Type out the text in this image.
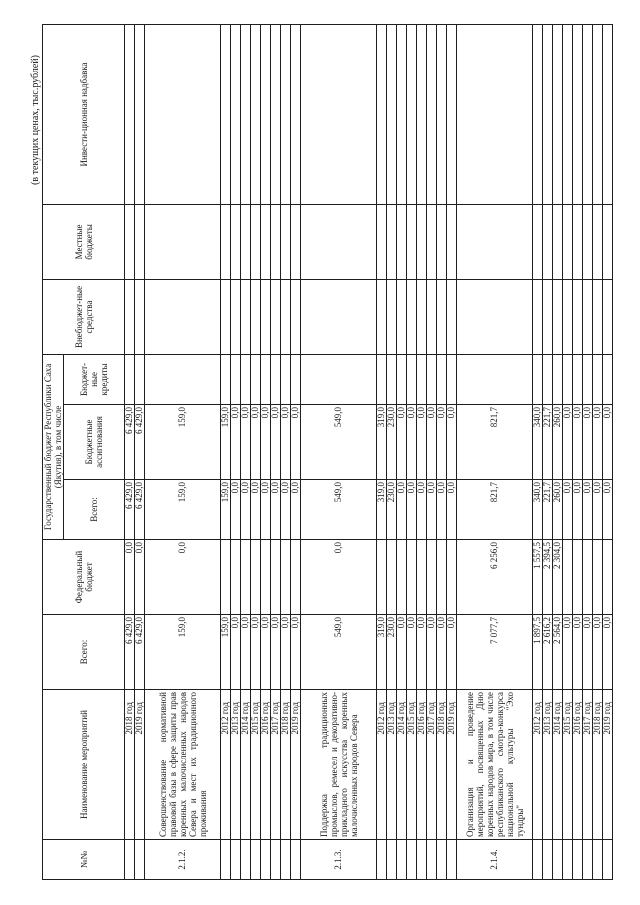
(в текущих ценах, тыс.рублей)
№№	Наименование мероприятий	Всего:	Федеральный бюджет	Государственный бюджет Республики Саха (Якутия), в том числе			Внебюджет-ные средства	Местные бюджеты	Инвести-ционная надбавка
				Всего:	Бюджетные ассигнования	Бюджет-ные кредиты			
	2018 год	6 429,0	0,0	6 429,0	6 429,0				
	2019 год	6 429,0	0,0	6 429,0	6 429,0				
2.1.2.	Совершенствование нормативной правовой базы в сфере защиты прав коренных малочисленных народов Севера и мест их традиционного проживания	159,0	0,0	159,0	159,0				
	2012 год	159,0		159,0	159,0				
	2013 год	0,0		0,0	0,0				
	2014 год	0,0		0,0	0,0				
	2015 год	0,0		0,0	0,0				
	2016 год	0,0		0,0	0,0				
	2017 год	0,0		0,0	0,0				
	2018 год	0,0		0,0	0,0				
	2019 год	0,0		0,0	0,0				
2.1.3.	Поддержка традиционных промыслов, ремесел и декоративно-прикладного искусства коренных малочисленных народов Севера	549,0	0,0	549,0	549,0				
	2012 год	319,0		319,0	319,0				
	2013 год	230,0		230,0	230,0				
	2014 год	0,0		0,0	0,0				
	2015 год	0,0		0,0	0,0				
	2016 год	0,0		0,0	0,0				
	2017 год	0,0		0,0	0,0				
	2018 год	0,0		0,0	0,0				
	2019 год	0,0		0,0	0,0				
2.1.4.	Организация и проведение мероприятий, посвященных Дню коренных народов мира, в том числе республиканского смотра-конкурса национальной культуры "Эхо тундры"	7 077,7	6 256,0	821,7	821,7				
	2012 год	1 897,5	1 557,5	340,0	340,0				
	2013 год	2 616,2	2 394,5	221,7	221,7				
	2014 год	2 564,0	2 304,0	260,0	260,0				
	2015 год	0,0		0,0	0,0				
	2016 год	0,0		0,0	0,0				
	2017 год	0,0		0,0	0,0				
	2018 год	0,0		0,0	0,0				
	2019 год	0,0		0,0	0,0				
